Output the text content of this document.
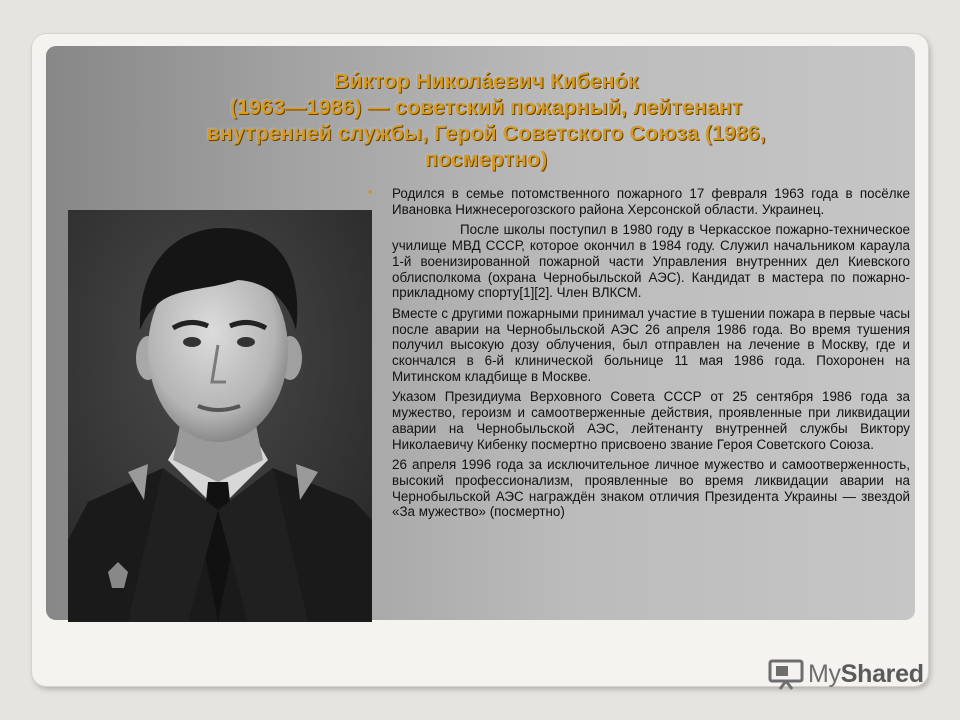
Ви́ктор Никола́евич Кибено́к
(1963—1986) — советский пожарный, лейтенант
внутренней службы, Герой Советского Союза (1986,
посмертно)

• Родился в семье потомственного пожарного 17 февраля 1963 года в посёлке Ивановка Нижнесерогозского района Херсонской области. Украинец.

После школы поступил в 1980 году в Черкасское пожарно-техническое училище МВД СССР, которое окончил в 1984 году. Служил начальником караула 1-й военизированной пожарной части Управления внутренних дел Киевского облисполкома (охрана Чернобыльской АЭС). Кандидат в мастера по пожарно-прикладному спорту[1][2]. Член ВЛКСМ.

Вместе с другими пожарными принимал участие в тушении пожара в первые часы после аварии на Чернобыльской АЭС 26 апреля 1986 года. Во время тушения получил высокую дозу облучения, был отправлен на лечение в Москву, где и скончался в 6-й клинической больнице 11 мая 1986 года. Похоронен на Митинском кладбище в Москве.

Указом Президиума Верховного Совета СССР от 25 сентября 1986 года за мужество, героизм и самоотверженные действия, проявленные при ликвидации аварии на Чернобыльской АЭС, лейтенанту внутренней службы Виктору Николаевичу Кибенку посмертно присвоено звание Героя Советского Союза.

26 апреля 1996 года за исключительное личное мужество и самоотверженность, высокий профессионализм, проявленные во время ликвидации аварии на Чернобыльской АЭС награждён знаком отличия Президента Украины — звездой «За мужество» (посмертно)

MyShared
